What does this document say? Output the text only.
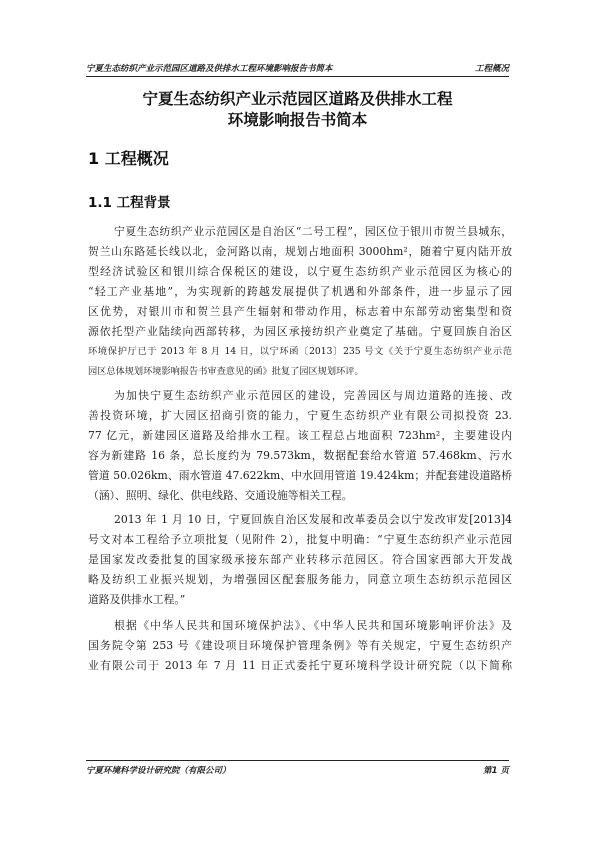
宁夏生态纺织产业示范园区道路及供排水工程环境影响报告书简本	工程概况
宁夏生态纺织产业示范园区道路及供排水工程
环境影响报告书简本
1 工程概况
1.1 工程背景
宁夏生态纺织产业示范园区是自治区“二号工程”，园区位于银川市贺兰县城东，
贺兰山东路延长线以北，金河路以南，规划占地面积 3000hm²，随着宁夏内陆开放
型经济试验区和银川综合保税区的建设，以宁夏生态纺织产业示范园区为核心的
“轻工产业基地”，为实现新的跨越发展提供了机遇和外部条件，进一步显示了园
区优势，对银川市和贺兰县产生辐射和带动作用，标志着中东部劳动密集型和资
源依托型产业陆续向西部转移，为园区承接纺织产业奠定了基础。宁夏回族自治区
环境保护厅已于 2013 年 8 月 14 日，以宁环函〔2013〕235 号文《关于宁夏生态纺织产业示范
园区总体规划环境影响报告书审查意见的函》批复了园区规划环评。
为加快宁夏生态纺织产业示范园区的建设，完善园区与周边道路的连接、改
善投资环境，扩大园区招商引资的能力，宁夏生态纺织产业有限公司拟投资 23.
77 亿元，新建园区道路及给排水工程。该工程总占地面积 723hm²，主要建设内
容为新建路 16 条，总长度约为 79.573km，数据配套给水管道 57.468km、污水
管道 50.026km、雨水管道 47.622km、中水回用管道 19.424km；并配套建设道路桥
（涵）、照明、绿化、供电线路、交通设施等相关工程。
2013 年 1 月 10 日，宁夏回族自治区发展和改革委员会以宁发改审发[2013]4
号文对本工程给予立项批复（见附件 2），批复中明确：“宁夏生态纺织产业示范园
是国家发改委批复的国家级承接东部产业转移示范园区。符合国家西部大开发战
略及纺织工业振兴规划，为增强园区配套服务能力，同意立项生态纺织示范园区
道路及供排水工程。”
根据《中华人民共和国环境保护法》、《中华人民共和国环境影响评价法》及
国务院令第 253 号《建设项目环境保护管理条例》等有关规定，宁夏生态纺织产
业有限公司于 2013 年 7 月 11 日正式委托宁夏环境科学设计研究院（以下简称
宁夏环境科学设计研究院（有限公司）	第1 页
